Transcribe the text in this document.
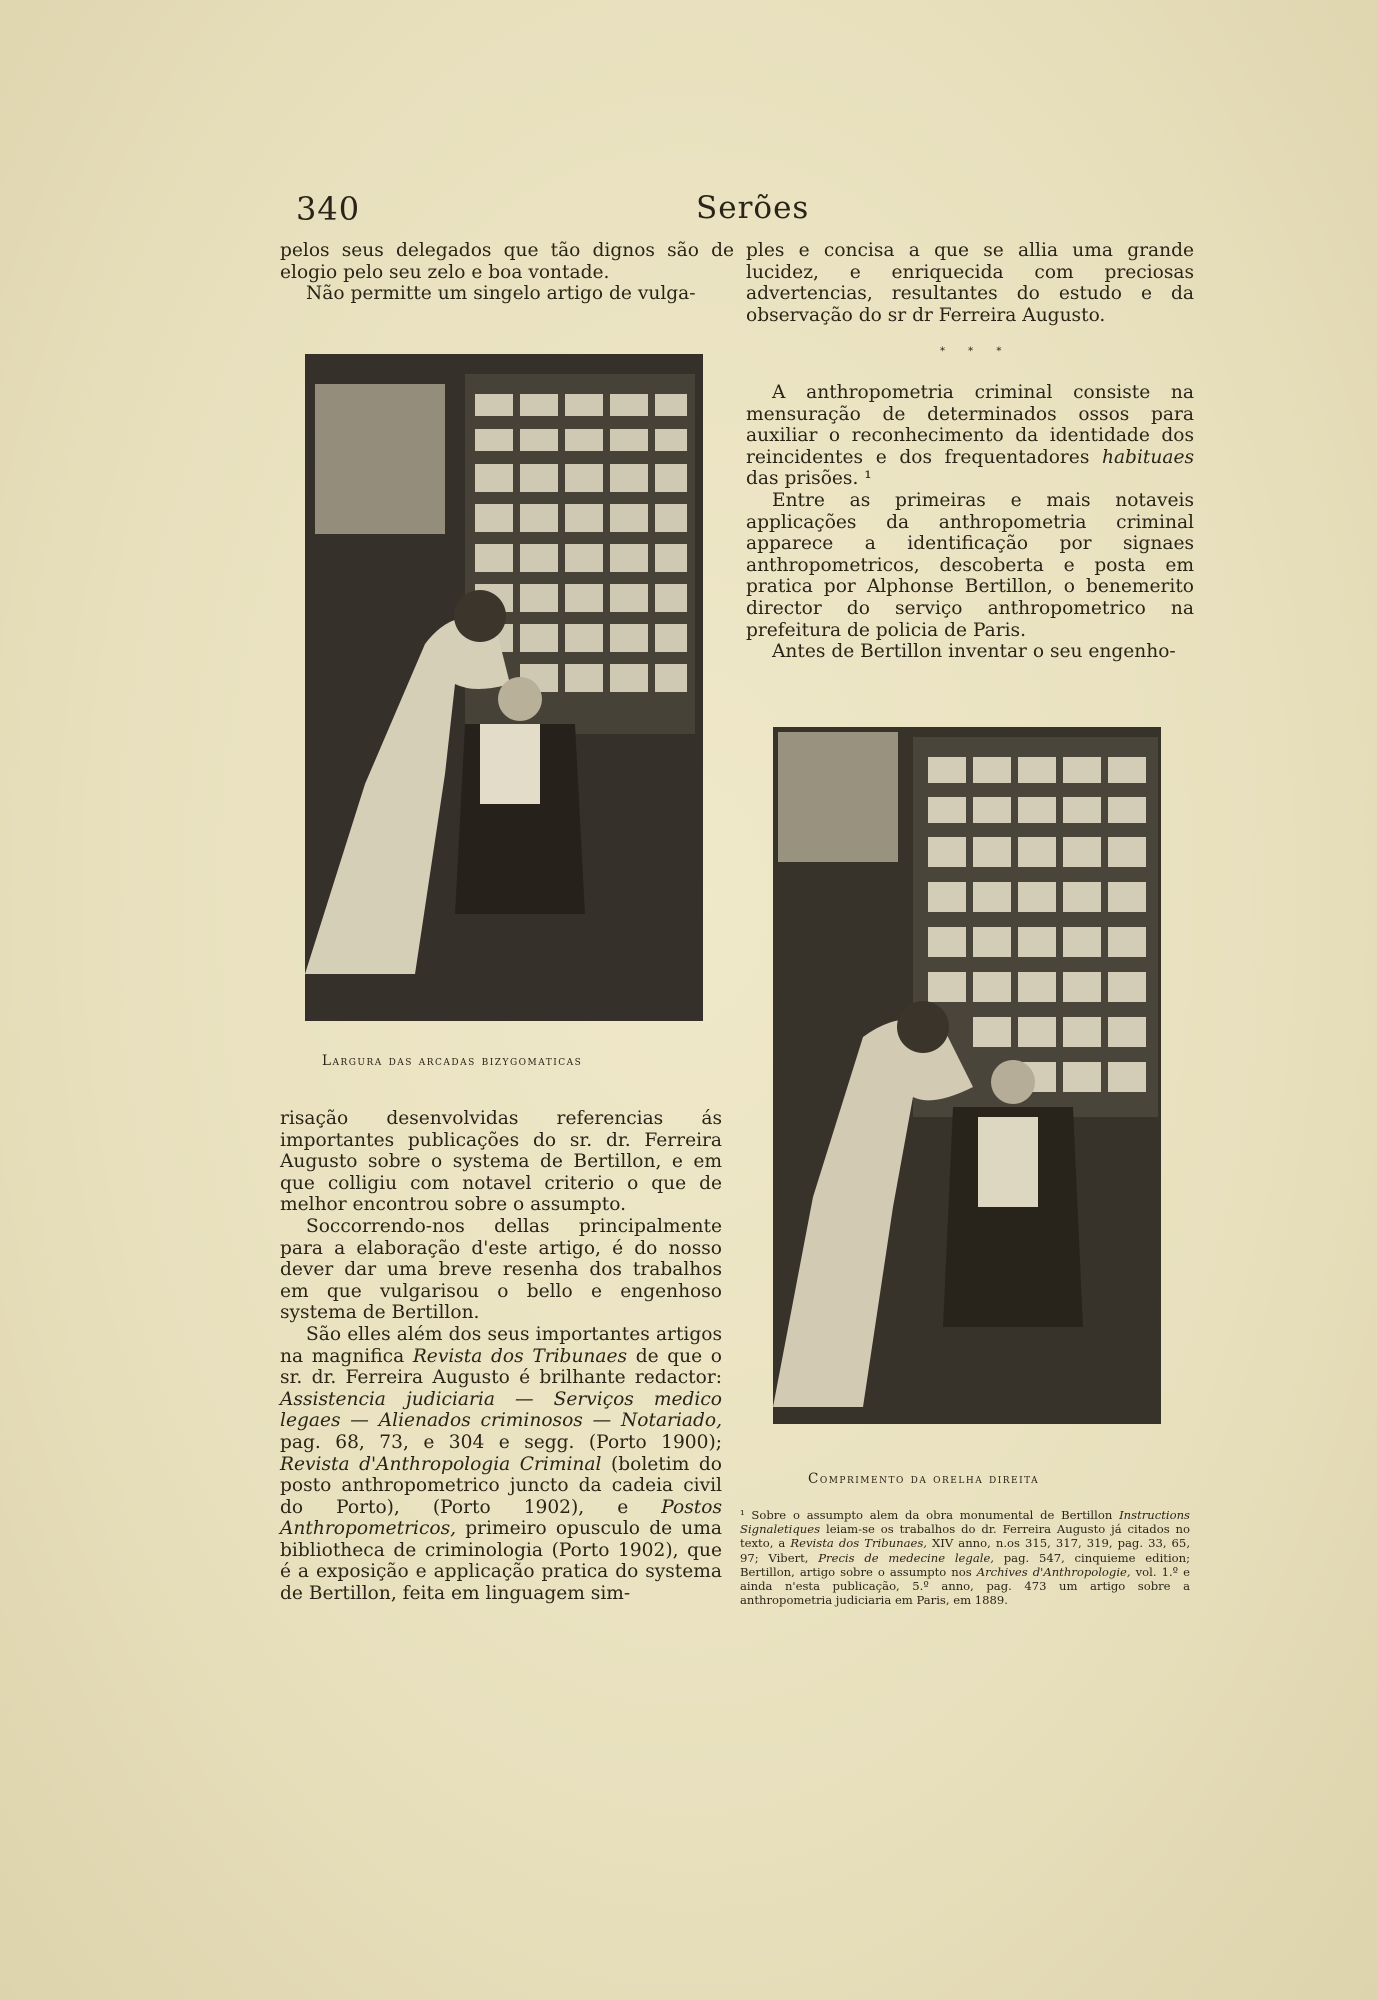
340	Serões

pelos seus delegados que tão dignos são de elogio pelo seu zelo e boa vontade.

Não permitte um singelo artigo de vulga-

ples e concisa a que se allia uma grande lucidez, e enriquecida com preciosas advertencias, resultantes do estudo e da observação do sr dr Ferreira Augusto.

* * *

A anthropometria criminal consiste na mensuração de determinados ossos para auxiliar o reconhecimento da identidade dos reincidentes e dos frequentadores habituaes das prisões. ¹

Entre as primeiras e mais notaveis applicações da anthropometria criminal apparece a identificação por signaes anthropometricos, descoberta e posta em pratica por Alphonse Bertillon, o benemerito director do serviço anthropometrico na prefeitura de policia de Paris.

Antes de Bertillon inventar o seu engenho-

Largura das arcadas bizygomaticas
Comprimento da orelha direita

risação desenvolvidas referencias ás importantes publicações do sr. dr. Ferreira Augusto sobre o systema de Bertillon, e em que colligiu com notavel criterio o que de melhor encontrou sobre o assumpto.

Soccorrendo-nos dellas principalmente para a elaboração d'este artigo, é do nosso dever dar uma breve resenha dos trabalhos em que vulgarisou o bello e engenhoso systema de Bertillon.

São elles além dos seus importantes artigos na magnifica Revista dos Tribunaes de que o sr. dr. Ferreira Augusto é brilhante redactor: Assistencia judiciaria — Serviços medico legaes — Alienados criminosos — Notariado, pag. 68, 73, e 304 e segg. (Porto 1900); Revista d'Anthropologia Criminal (boletim do posto anthropometrico juncto da cadeia civil do Porto), (Porto 1902), e Postos Anthropometricos, primeiro opusculo de uma bibliotheca de criminologia (Porto 1902), que é a exposição e applicação pratica do systema de Bertillon, feita em linguagem sim-

¹ Sobre o assumpto alem da obra monumental de Bertillon Instructions Signaletiques leiam-se os trabalhos do dr. Ferreira Augusto já citados no texto, a Revista dos Tribunaes, XIV anno, n.os 315, 317, 319, pag. 33, 65, 97; Vibert, Precis de medecine legale, pag. 547, cinquieme edition; Bertillon, artigo sobre o assumpto nos Archives d'Anthropologie, vol. 1.º e ainda n'esta publicação, 5.º anno, pag. 473 um artigo sobre a anthropometria judiciaria em Paris, em 1889.
